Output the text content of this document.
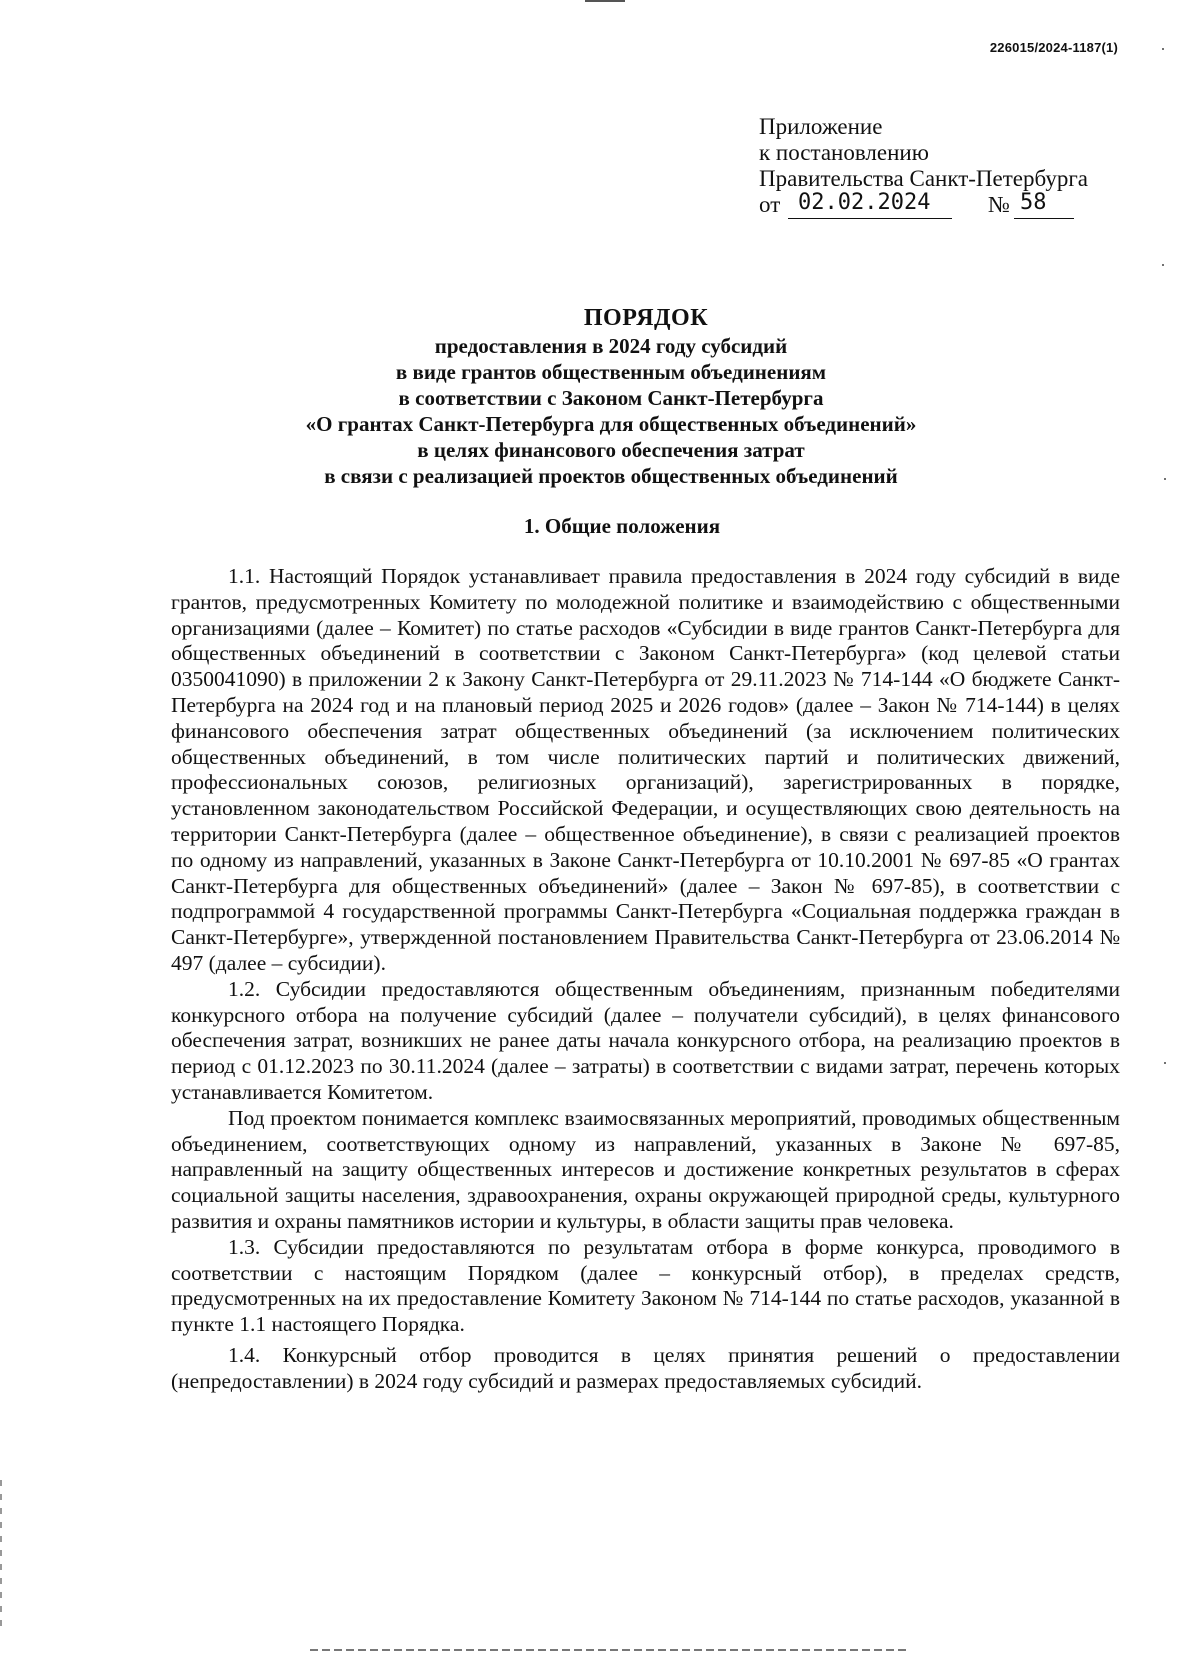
226015/2024-1187(1)
Приложение
к постановлению
Правительства Санкт-Петербурга
от 02.02.2024	№ 58
ПОРЯДОК
предоставления в 2024 году субсидий
в виде грантов общественным объединениям
в соответствии с Законом Санкт-Петербурга
«О грантах Санкт-Петербурга для общественных объединений»
в целях финансового обеспечения затрат
в связи с реализацией проектов общественных объединений
1. Общие положения

1.1. Настоящий Порядок устанавливает правила предоставления в 2024 году субсидий в виде грантов, предусмотренных Комитету по молодежной политике и взаимодействию с общественными организациями (далее – Комитет) по статье расходов «Субсидии в виде грантов Санкт-Петербурга для общественных объединений в соответствии с Законом Санкт-Петербурга» (код целевой статьи 0350041090) в приложении 2 к Закону Санкт-Петербурга от 29.11.2023 № 714-144 «О бюджете Санкт-Петербурга на 2024 год и на плановый период 2025 и 2026 годов» (далее – Закон № 714-144) в целях финансового обеспечения затрат общественных объединений (за исключением политических общественных объединений, в том числе политических партий и политических движений, профессиональных союзов, религиозных организаций), зарегистрированных в порядке, установленном законодательством Российской Федерации, и осуществляющих свою деятельность на территории Санкт-Петербурга (далее – общественное объединение), в связи с реализацией проектов по одному из направлений, указанных в Законе Санкт-Петербурга от 10.10.2001 № 697-85 «О грантах Санкт-Петербурга для общественных объединений» (далее – Закон № 697-85), в соответствии с подпрограммой 4 государственной программы Санкт-Петербурга «Социальная поддержка граждан в Санкт-Петербурге», утвержденной постановлением Правительства Санкт-Петербурга от 23.06.2014 № 497 (далее – субсидии).

1.2. Субсидии предоставляются общественным объединениям, признанным победителями конкурсного отбора на получение субсидий (далее – получатели субсидий), в целях финансового обеспечения затрат, возникших не ранее даты начала конкурсного отбора, на реализацию проектов в период с 01.12.2023 по 30.11.2024 (далее – затраты) в соответствии с видами затрат, перечень которых устанавливается Комитетом.

Под проектом понимается комплекс взаимосвязанных мероприятий, проводимых общественным объединением, соответствующих одному из направлений, указанных в Законе № 697-85, направленный на защиту общественных интересов и достижение конкретных результатов в сферах социальной защиты населения, здравоохранения, охраны окружающей природной среды, культурного развития и охраны памятников истории и культуры, в области защиты прав человека.

1.3. Субсидии предоставляются по результатам отбора в форме конкурса, проводимого в соответствии с настоящим Порядком (далее – конкурсный отбор), в пределах средств, предусмотренных на их предоставление Комитету Законом № 714-144 по статье расходов, указанной в пункте 1.1 настоящего Порядка.

1.4. Конкурсный отбор проводится в целях принятия решений о предоставлении (непредоставлении) в 2024 году субсидий и размерах предоставляемых субсидий.
